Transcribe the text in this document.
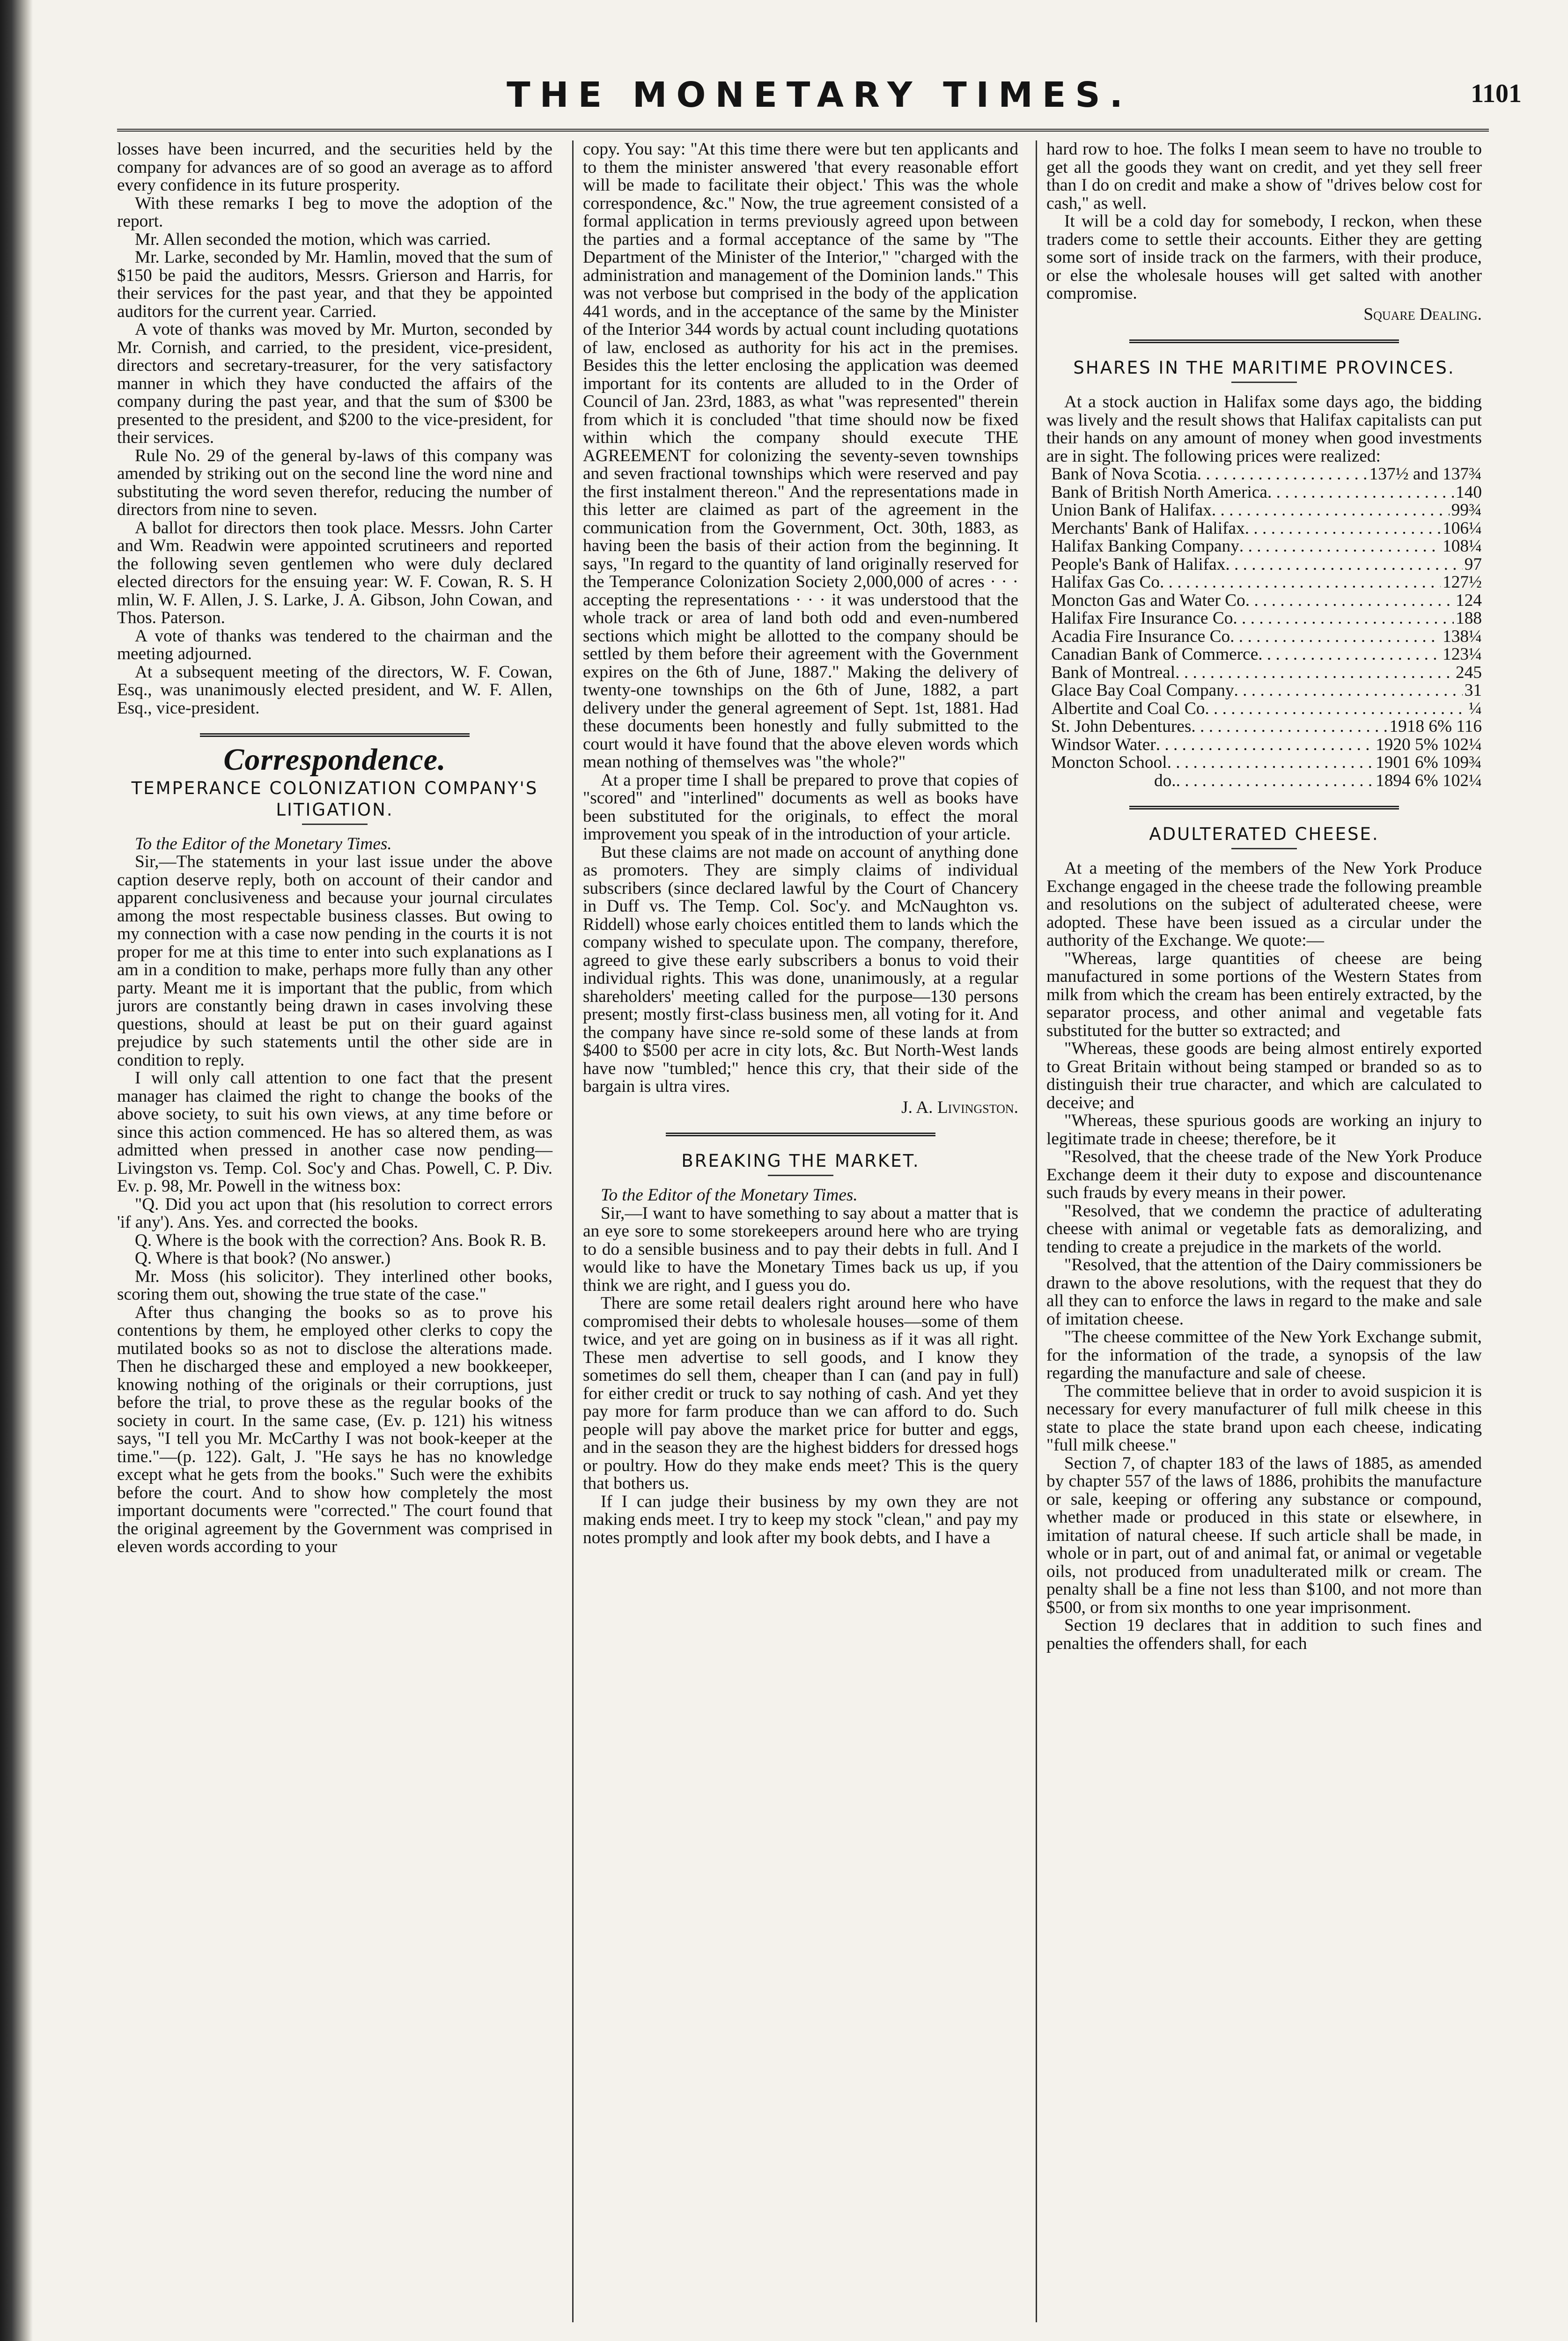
THE MONETARY TIMES.	1101

losses have been incurred, and the securities held by the company for advances are of so good an average as to afford every confidence in its future prosperity.

With these remarks I beg to move the adoption of the report.

Mr. Allen seconded the motion, which was carried.

Mr. Larke, seconded by Mr. Hamlin, moved that the sum of $150 be paid the auditors, Messrs. Grierson and Harris, for their services for the past year, and that they be appointed auditors for the current year. Carried.

A vote of thanks was moved by Mr. Murton, seconded by Mr. Cornish, and carried, to the president, vice-president, directors and secretary-treasurer, for the very satisfactory manner in which they have conducted the affairs of the company during the past year, and that the sum of $300 be presented to the president, and $200 to the vice-president, for their services.

Rule No. 29 of the general by-laws of this company was amended by striking out on the second line the word nine and substituting the word seven therefor, reducing the number of directors from nine to seven.

A ballot for directors then took place. Messrs. John Carter and Wm. Readwin were appointed scrutineers and reported the following seven gentlemen who were duly declared elected directors for the ensuing year: W. F. Cowan, R. S. H mlin, W. F. Allen, J. S. Larke, J. A. Gibson, John Cowan, and Thos. Paterson.

A vote of thanks was tendered to the chairman and the meeting adjourned.

At a subsequent meeting of the directors, W. F. Cowan, Esq., was unanimously elected president, and W. F. Allen, Esq., vice-president.

Correspondence.
TEMPERANCE COLONIZATION COMPANY'S LITIGATION.

To the Editor of the Monetary Times.

Sir,—The statements in your last issue under the above caption deserve reply, both on account of their candor and apparent conclusiveness and because your journal circulates among the most respectable business classes. But owing to my connection with a case now pending in the courts it is not proper for me at this time to enter into such explanations as I am in a condition to make, perhaps more fully than any other party. Meant me it is important that the public, from which jurors are constantly being drawn in cases involving these questions, should at least be put on their guard against prejudice by such statements until the other side are in condition to reply.

I will only call attention to one fact that the present manager has claimed the right to change the books of the above society, to suit his own views, at any time before or since this action commenced. He has so altered them, as was admitted when pressed in another case now pending—Livingston vs. Temp. Col. Soc'y and Chas. Powell, C. P. Div. Ev. p. 98, Mr. Powell in the witness box:

"Q. Did you act upon that (his resolution to correct errors 'if any'). Ans. Yes. and corrected the books.

Q. Where is the book with the correction? Ans. Book R. B.

Q. Where is that book? (No answer.)

Mr. Moss (his solicitor). They interlined other books, scoring them out, showing the true state of the case."

After thus changing the books so as to prove his contentions by them, he employed other clerks to copy the mutilated books so as not to disclose the alterations made. Then he discharged these and employed a new bookkeeper, knowing nothing of the originals or their corruptions, just before the trial, to prove these as the regular books of the society in court. In the same case, (Ev. p. 121) his witness says, "I tell you Mr. McCarthy I was not book-keeper at the time."—(p. 122). Galt, J. "He says he has no knowledge except what he gets from the books." Such were the exhibits before the court. And to show how completely the most important documents were "corrected." The court found that the original agreement by the Government was comprised in eleven words according to your

copy. You say: "At this time there were but ten applicants and to them the minister answered 'that every reasonable effort will be made to facilitate their object.' This was the whole correspondence, &c." Now, the true agreement consisted of a formal application in terms previously agreed upon between the parties and a formal acceptance of the same by "The Department of the Minister of the Interior," "charged with the administration and management of the Dominion lands." This was not verbose but comprised in the body of the application 441 words, and in the acceptance of the same by the Minister of the Interior 344 words by actual count including quotations of law, enclosed as authority for his act in the premises. Besides this the letter enclosing the application was deemed important for its contents are alluded to in the Order of Council of Jan. 23rd, 1883, as what "was represented" therein from which it is concluded "that time should now be fixed within which the company should execute THE AGREEMENT for colonizing the seventy-seven townships and seven fractional townships which were reserved and pay the first instalment thereon." And the representations made in this letter are claimed as part of the agreement in the communication from the Government, Oct. 30th, 1883, as having been the basis of their action from the beginning. It says, "In regard to the quantity of land originally reserved for the Temperance Colonization Society 2,000,000 of acres · · · accepting the representations · · · it was understood that the whole track or area of land both odd and even-numbered sections which might be allotted to the company should be settled by them before their agreement with the Government expires on the 6th of June, 1887." Making the delivery of twenty-one townships on the 6th of June, 1882, a part delivery under the general agreement of Sept. 1st, 1881. Had these documents been honestly and fully submitted to the court would it have found that the above eleven words which mean nothing of themselves was "the whole?"

At a proper time I shall be prepared to prove that copies of "scored" and "interlined" documents as well as books have been substituted for the originals, to effect the moral improvement you speak of in the introduction of your article.

But these claims are not made on account of anything done as promoters. They are simply claims of individual subscribers (since declared lawful by the Court of Chancery in Duff vs. The Temp. Col. Soc'y. and McNaughton vs. Riddell) whose early choices entitled them to lands which the company wished to speculate upon. The company, therefore, agreed to give these early subscribers a bonus to void their individual rights. This was done, unanimously, at a regular shareholders' meeting called for the purpose—130 persons present; mostly first-class business men, all voting for it. And the company have since re-sold some of these lands at from $400 to $500 per acre in city lots, &c. But North-West lands have now "tumbled;" hence this cry, that their side of the bargain is ultra vires.

J. A. Livingston.
BREAKING THE MARKET.

To the Editor of the Monetary Times.

Sir,—I want to have something to say about a matter that is an eye sore to some storekeepers around here who are trying to do a sensible business and to pay their debts in full. And I would like to have the Monetary Times back us up, if you think we are right, and I guess you do.

There are some retail dealers right around here who have compromised their debts to wholesale houses—some of them twice, and yet are going on in business as if it was all right. These men advertise to sell goods, and I know they sometimes do sell them, cheaper than I can (and pay in full) for either credit or truck to say nothing of cash. And yet they pay more for farm produce than we can afford to do. Such people will pay above the market price for butter and eggs, and in the season they are the highest bidders for dressed hogs or poultry. How do they make ends meet? This is the query that bothers us.

If I can judge their business by my own they are not making ends meet. I try to keep my stock "clean," and pay my notes promptly and look after my book debts, and I have a

hard row to hoe. The folks I mean seem to have no trouble to get all the goods they want on credit, and yet they sell freer than I do on credit and make a show of "drives below cost for cash," as well.

It will be a cold day for somebody, I reckon, when these traders come to settle their accounts. Either they are getting some sort of inside track on the farmers, with their produce, or else the wholesale houses will get salted with another compromise.

Square Dealing.
SHARES IN THE MARITIME PROVINCES.

At a stock auction in Halifax some days ago, the bidding was lively and the result shows that Halifax capitalists can put their hands on any amount of money when good investments are in sight. The following prices were realized:

Bank of Nova Scotia . . .	137½ and 137¾
Bank of British North America . . .	140
Union Bank of Halifax . . .	99¾
Merchants' Bank of Halifax . . .	106¼
Halifax Banking Company . . .	108¼
People's Bank of Halifax . . .	97
Halifax Gas Co . . .	127½
Moncton Gas and Water Co . . .	124
Halifax Fire Insurance Co . . .	188
Acadia Fire Insurance Co . . .	138¼
Canadian Bank of Commerce . . .	123¼
Bank of Montreal . . .	245
Glace Bay Coal Company . . .	31
Albertite and Coal Co . . .	¼
St. John Debentures . . .	1918 6% 116
Windsor Water . . .	1920 5% 102¼
Moncton School . . .	1901 6% 109¾
do. . . .	1894 6% 102¼
ADULTERATED CHEESE.

At a meeting of the members of the New York Produce Exchange engaged in the cheese trade the following preamble and resolutions on the subject of adulterated cheese, were adopted. These have been issued as a circular under the authority of the Exchange. We quote:—

"Whereas, large quantities of cheese are being manufactured in some portions of the Western States from milk from which the cream has been entirely extracted, by the separator process, and other animal and vegetable fats substituted for the butter so extracted; and

"Whereas, these goods are being almost entirely exported to Great Britain without being stamped or branded so as to distinguish their true character, and which are calculated to deceive; and

"Whereas, these spurious goods are working an injury to legitimate trade in cheese; therefore, be it

"Resolved, that the cheese trade of the New York Produce Exchange deem it their duty to expose and discountenance such frauds by every means in their power.

"Resolved, that we condemn the practice of adulterating cheese with animal or vegetable fats as demoralizing, and tending to create a prejudice in the markets of the world.

"Resolved, that the attention of the Dairy commissioners be drawn to the above resolutions, with the request that they do all they can to enforce the laws in regard to the make and sale of imitation cheese.

"The cheese committee of the New York Exchange submit, for the information of the trade, a synopsis of the law regarding the manufacture and sale of cheese.

The committee believe that in order to avoid suspicion it is necessary for every manufacturer of full milk cheese in this state to place the state brand upon each cheese, indicating "full milk cheese."

Section 7, of chapter 183 of the laws of 1885, as amended by chapter 557 of the laws of 1886, prohibits the manufacture or sale, keeping or offering any substance or compound, whether made or produced in this state or elsewhere, in imitation of natural cheese. If such article shall be made, in whole or in part, out of and animal fat, or animal or vegetable oils, not produced from unadulterated milk or cream. The penalty shall be a fine not less than $100, and not more than $500, or from six months to one year imprisonment.

Section 19 declares that in addition to such fines and penalties the offenders shall, for each
